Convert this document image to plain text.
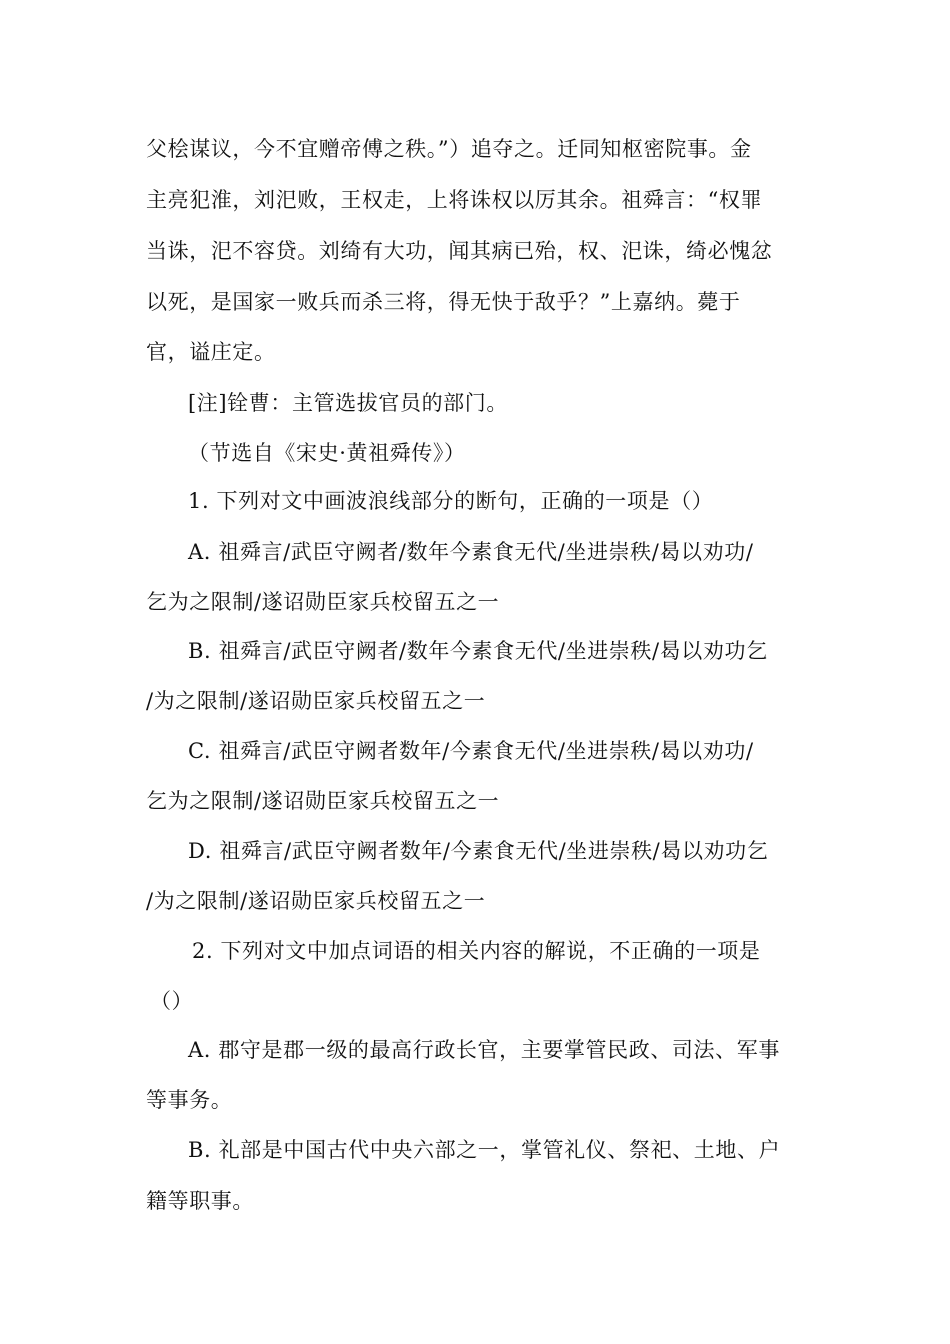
父桧谋议，今不宜赠帝傅之秩。”）追夺之。迁同知枢密院事。金
主亮犯淮，刘汜败，王权走，上将诛权以厉其余。祖舜言：“权罪
当诛，汜不容贷。刘绮有大功，闻其病已殆，权、汜诛，绮必愧忿
以死，是国家一败兵而杀三将，得无快于敌乎？”上嘉纳。薨于
官，谥庄定。
[注]铨曹：主管选拔官员的部门。
（节选自《宋史·黄祖舜传》）
1. 下列对文中画波浪线部分的断句，正确的一项是（）
A. 祖舜言/武臣守阙者/数年今素食无代/坐进崇秩/曷以劝功/
乞为之限制/遂诏勋臣家兵校留五之一
B. 祖舜言/武臣守阙者/数年今素食无代/坐进崇秩/曷以劝功乞
/为之限制/遂诏勋臣家兵校留五之一
C. 祖舜言/武臣守阙者数年/今素食无代/坐进崇秩/曷以劝功/
乞为之限制/遂诏勋臣家兵校留五之一
D. 祖舜言/武臣守阙者数年/今素食无代/坐进崇秩/曷以劝功乞
/为之限制/遂诏勋臣家兵校留五之一
2. 下列对文中加点词语的相关内容的解说，不正确的一项是
（）
A. 郡守是郡一级的最高行政长官，主要掌管民政、司法、军事
等事务。
B. 礼部是中国古代中央六部之一，掌管礼仪、祭祀、土地、户
籍等职事。
